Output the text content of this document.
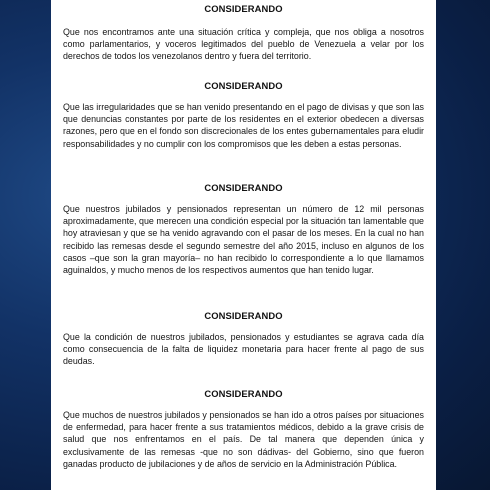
CONSIDERANDO

Que nos encontramos ante una situación crítica y compleja, que nos obliga a nosotros como parlamentarios, y voceros legitimados del pueblo de Venezuela a velar por los derechos de todos los venezolanos dentro y fuera del territorio.

CONSIDERANDO

Que las irregularidades que se han venido presentando en el pago de divisas y que son las que denuncias constantes por parte de los residentes en el exterior obedecen a diversas razones, pero que en el fondo son discrecionales de los entes gubernamentales para eludir responsabilidades y no cumplir con los compromisos que les deben a estas personas.

CONSIDERANDO

Que nuestros jubilados y pensionados representan un número de 12 mil personas aproximadamente, que merecen una condición especial por la situación tan lamentable que hoy atraviesan y que se ha venido agravando con el pasar de los meses. En la cual no han recibido las remesas desde el segundo semestre del año 2015, incluso en algunos de los casos –que son la gran mayoría– no han recibido lo correspondiente a lo que llamamos aguinaldos, y mucho menos de los respectivos aumentos que han tenido lugar.

CONSIDERANDO

Que la condición de nuestros jubilados, pensionados y estudiantes se agrava cada día como consecuencia de la falta de liquidez monetaria para hacer frente al pago de sus deudas.

CONSIDERANDO

Que muchos de nuestros jubilados y pensionados se han ido a otros países por situaciones de enfermedad, para hacer frente a sus tratamientos médicos, debido a la grave crisis de salud que nos enfrentamos en el país. De tal manera que dependen única y exclusivamente de las remesas -que no son dádivas- del Gobierno, sino que fueron ganadas producto de jubilaciones y de años de servicio en la Administración Pública.
